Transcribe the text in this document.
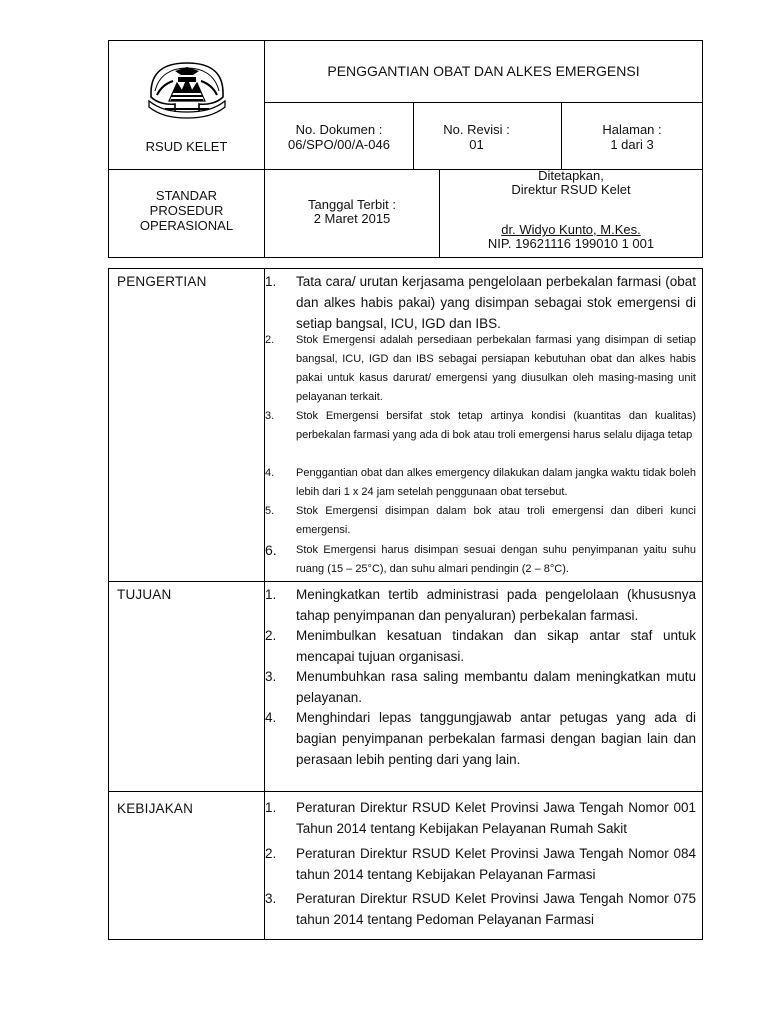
RSUD KELET
PENGGANTIAN OBAT DAN ALKES EMERGENSI
No. Dokumen :
06/SPO/00/A-046
No. Revisi :
01
Halaman :
1 dari 3
STANDAR
PROSEDUR
OPERASIONAL
Tanggal Terbit :
2 Maret 2015
Ditetapkan,
Direktur RSUD Kelet
dr. Widyo Kunto, M.Kes.
NIP. 19621116 199010 1 001
PENGERTIAN	1. Tata cara/ urutan kerjasama pengelolaan perbekalan farmasi (obat dan alkes habis pakai) yang disimpan sebagai stok emergensi di setiap bangsal, ICU, IGD dan IBS.
2. Stok Emergensi adalah persediaan perbekalan farmasi yang disimpan di setiap bangsal, ICU, IGD dan IBS sebagai persiapan kebutuhan obat dan alkes habis pakai untuk kasus darurat/ emergensi yang diusulkan oleh masing-masing unit pelayanan terkait.
3. Stok Emergensi bersifat stok tetap artinya kondisi (kuantitas dan kualitas) perbekalan farmasi yang ada di bok atau troli emergensi harus selalu dijaga tetap
4. Penggantian obat dan alkes emergency dilakukan dalam jangka waktu tidak boleh lebih dari 1 x 24 jam setelah penggunaan obat tersebut.
5. Stok Emergensi disimpan dalam bok atau troli emergensi dan diberi kunci emergensi.
6. Stok Emergensi harus disimpan sesuai dengan suhu penyimpanan yaitu suhu ruang (15 – 25°C), dan suhu almari pendingin (2 – 8°C).
TUJUAN	1. Meningkatkan tertib administrasi pada pengelolaan (khususnya tahap penyimpanan dan penyaluran) perbekalan farmasi.
2. Menimbulkan kesatuan tindakan dan sikap antar staf untuk mencapai tujuan organisasi.
3. Menumbuhkan rasa saling membantu dalam meningkatkan mutu pelayanan.
4. Menghindari lepas tanggungjawab antar petugas yang ada di bagian penyimpanan perbekalan farmasi dengan bagian lain dan perasaan lebih penting dari yang lain.
KEBIJAKAN	1. Peraturan Direktur RSUD Kelet Provinsi Jawa Tengah Nomor 001 Tahun 2014 tentang Kebijakan Pelayanan Rumah Sakit
2. Peraturan Direktur RSUD Kelet Provinsi Jawa Tengah Nomor 084 tahun 2014 tentang Kebijakan Pelayanan Farmasi
3. Peraturan Direktur RSUD Kelet Provinsi Jawa Tengah Nomor 075 tahun 2014 tentang Pedoman Pelayanan Farmasi
